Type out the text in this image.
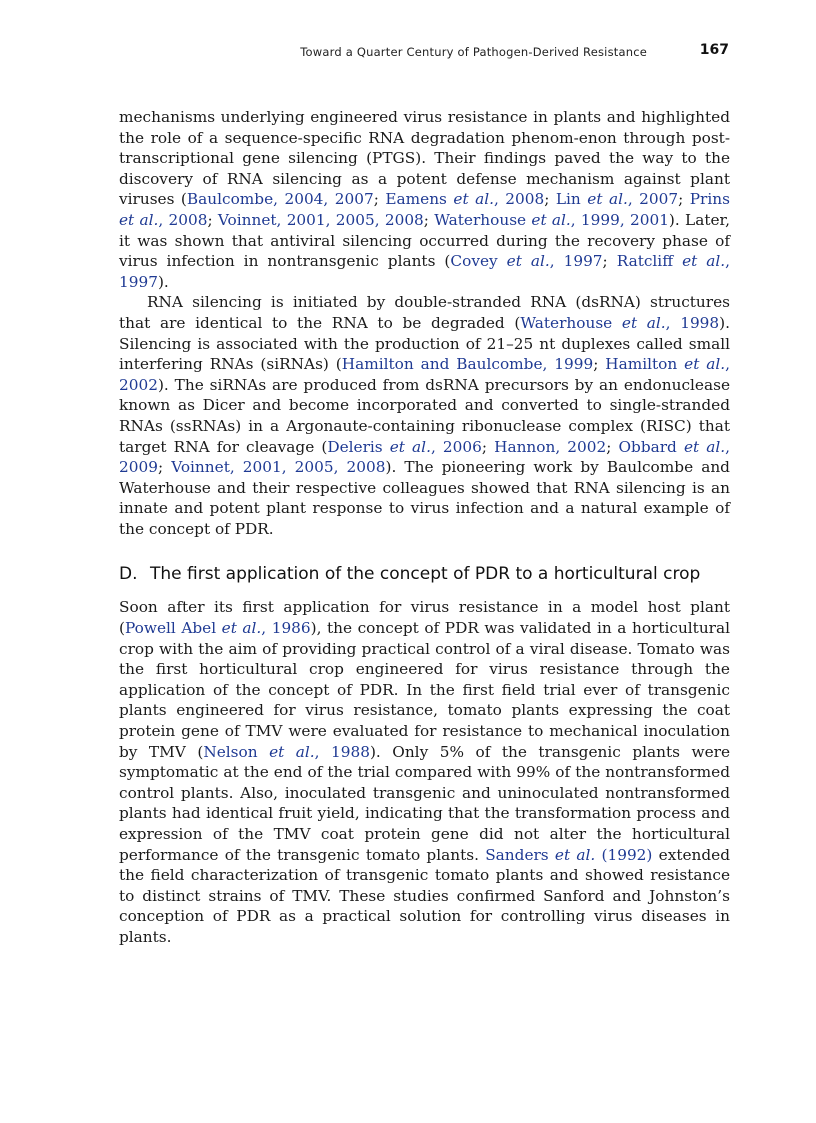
Toward a Quarter Century of Pathogen-Derived Resistance	167

mechanisms underlying engineered virus resistance in plants and highlighted the role of a sequence-specific RNA degradation phenom-enon through post-transcriptional gene silencing (PTGS). Their findings paved the way to the discovery of RNA silencing as a potent defense mechanism against plant viruses (Baulcombe, 2004, 2007; Eamens et al., 2008; Lin et al., 2007; Prins et al., 2008; Voinnet, 2001, 2005, 2008; Waterhouse et al., 1999, 2001). Later, it was shown that antiviral silencing occurred during the recovery phase of virus infection in nontransgenic plants (Covey et al., 1997; Ratcliff et al., 1997).

RNA silencing is initiated by double-stranded RNA (dsRNA) structures that are identical to the RNA to be degraded (Waterhouse et al., 1998). Silencing is associated with the production of 21–25 nt duplexes called small interfering RNAs (siRNAs) (Hamilton and Baulcombe, 1999; Hamilton et al., 2002). The siRNAs are produced from dsRNA precursors by an endonuclease known as Dicer and become incorporated and converted to single-stranded RNAs (ssRNAs) in a Argonaute-containing ribonuclease complex (RISC) that target RNA for cleavage (Deleris et al., 2006; Hannon, 2002; Obbard et al., 2009; Voinnet, 2001, 2005, 2008). The pioneering work by Baulcombe and Waterhouse and their respective colleagues showed that RNA silencing is an innate and potent plant response to virus infection and a natural example of the concept of PDR.

D. The first application of the concept of PDR to a horticultural crop

Soon after its first application for virus resistance in a model host plant (Powell Abel et al., 1986), the concept of PDR was validated in a horticultural crop with the aim of providing practical control of a viral disease. Tomato was the first horticultural crop engineered for virus resistance through the application of the concept of PDR. In the first field trial ever of transgenic plants engineered for virus resistance, tomato plants expressing the coat protein gene of TMV were evaluated for resistance to mechanical inoculation by TMV (Nelson et al., 1988). Only 5% of the transgenic plants were symptomatic at the end of the trial compared with 99% of the nontransformed control plants. Also, inoculated transgenic and uninoculated nontransformed plants had identical fruit yield, indicating that the transformation process and expression of the TMV coat protein gene did not alter the horticultural performance of the transgenic tomato plants. Sanders et al. (1992) extended the field characterization of transgenic tomato plants and showed resistance to distinct strains of TMV. These studies confirmed Sanford and Johnston’s conception of PDR as a practical solution for controlling virus diseases in plants.
